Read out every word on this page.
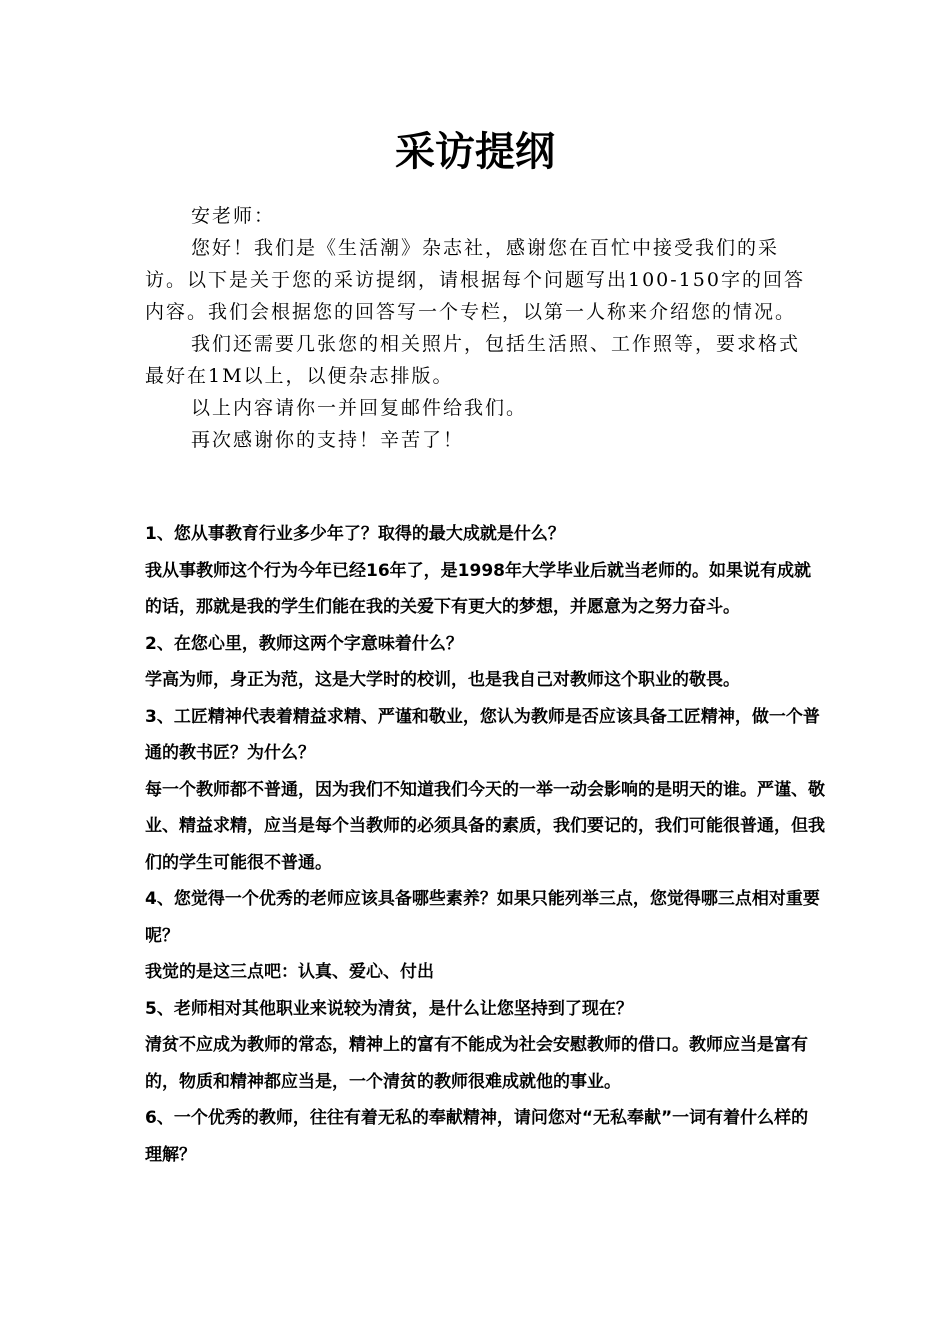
采访提纲

安老师：

您好！我们是《生活潮》杂志社，感谢您在百忙中接受我们的采访。以下是关于您的采访提纲，请根据每个问题写出100-150字的回答内容。我们会根据您的回答写一个专栏，以第一人称来介绍您的情况。

我们还需要几张您的相关照片，包括生活照、工作照等，要求格式最好在1M以上，以便杂志排版。

以上内容请你一并回复邮件给我们。

再次感谢你的支持！辛苦了！

1、您从事教育行业多少年了？取得的最大成就是什么？

我从事教师这个行为今年已经16年了，是1998年大学毕业后就当老师的。如果说有成就的话，那就是我的学生们能在我的关爱下有更大的梦想，并愿意为之努力奋斗。

2、在您心里，教师这两个字意味着什么？

学高为师，身正为范，这是大学时的校训，也是我自己对教师这个职业的敬畏。

3、工匠精神代表着精益求精、严谨和敬业，您认为教师是否应该具备工匠精神，做一个普通的教书匠？为什么？

每一个教师都不普通，因为我们不知道我们今天的一举一动会影响的是明天的谁。严谨、敬业、精益求精，应当是每个当教师的必须具备的素质，我们要记的，我们可能很普通，但我们的学生可能很不普通。

4、您觉得一个优秀的老师应该具备哪些素养？如果只能列举三点，您觉得哪三点相对重要呢？

我觉的是这三点吧：认真、爱心、付出

5、老师相对其他职业来说较为清贫，是什么让您坚持到了现在？

清贫不应成为教师的常态，精神上的富有不能成为社会安慰教师的借口。教师应当是富有的，物质和精神都应当是，一个清贫的教师很难成就他的事业。

6、一个优秀的教师，往往有着无私的奉献精神，请问您对“无私奉献”一词有着什么样的理解？
